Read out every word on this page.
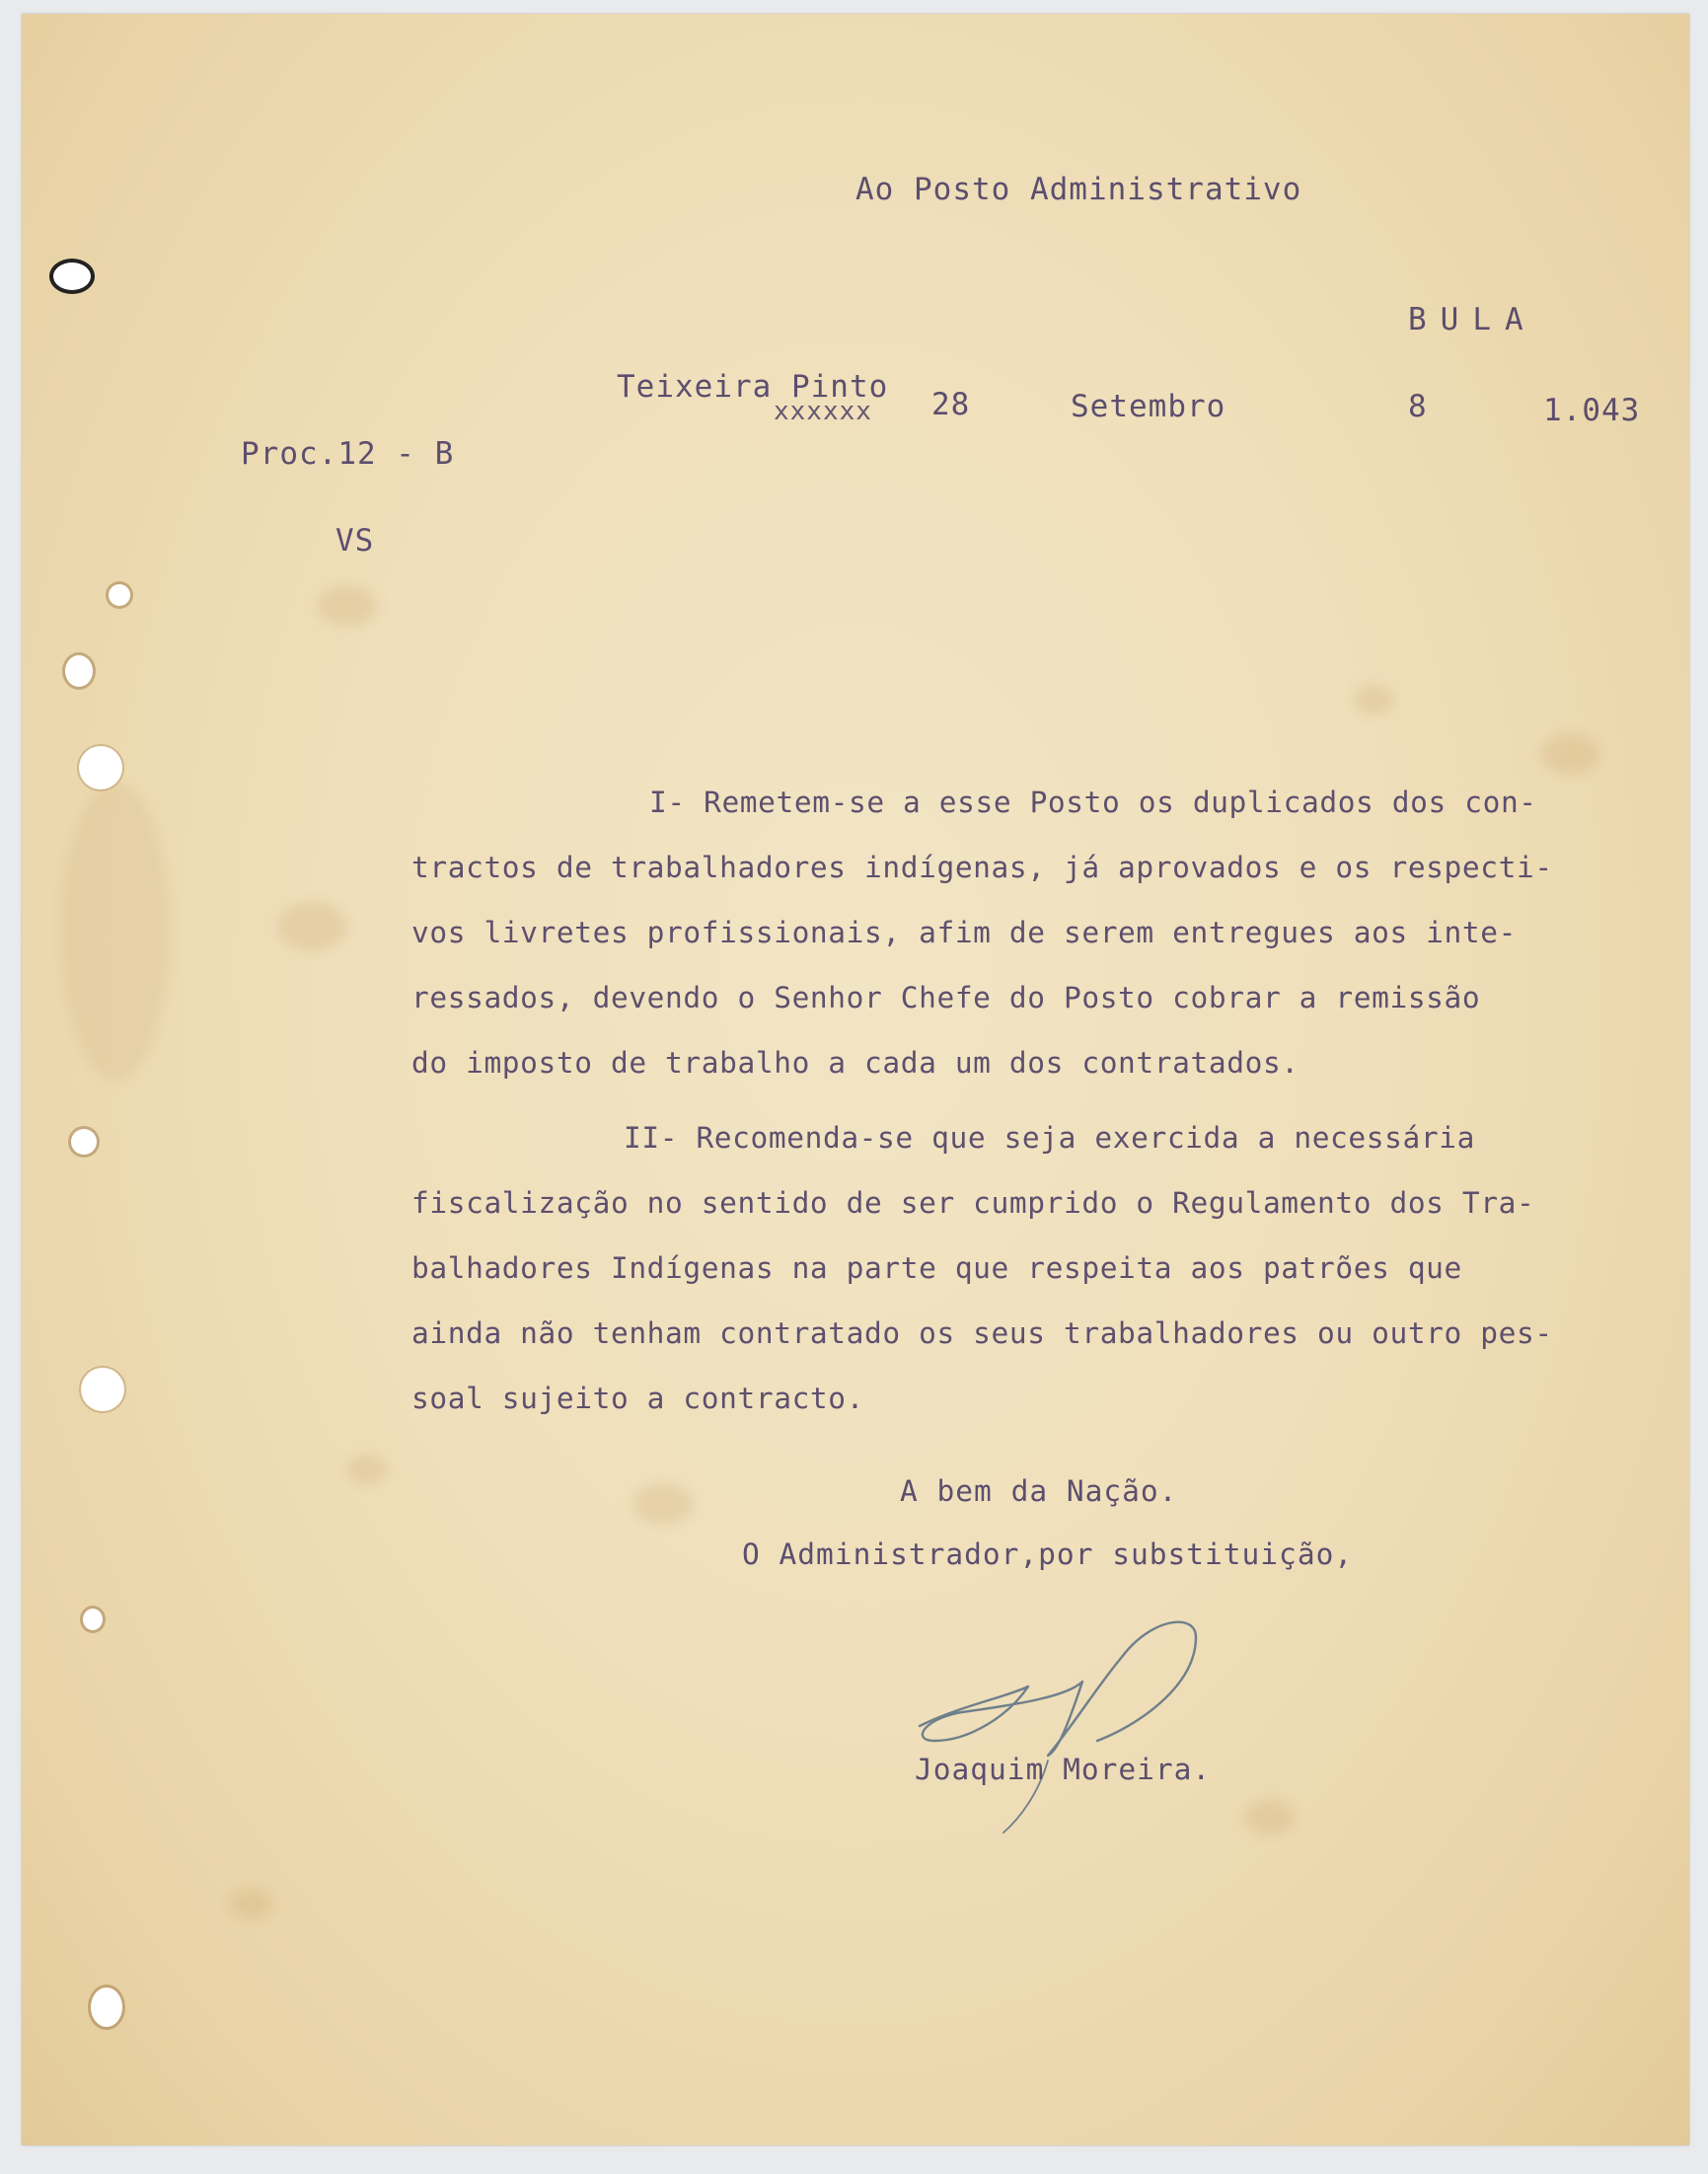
Ao Posto Administrativo
BULA
Teixeira Pinto
xxxxxx 28	Setembro	8	1.043
Proc.12 - B
VS
I- Remetem-se a esse Posto os duplicados dos con-
tractos de trabalhadores indígenas, já aprovados e os respecti-
vos livretes profissionais, afim de serem entregues aos inte-
ressados, devendo o Senhor Chefe do Posto cobrar a remissão
do imposto de trabalho a cada um dos contratados.
II- Recomenda-se que seja exercida a necessária
fiscalização no sentido de ser cumprido o Regulamento dos Tra-
balhadores Indígenas na parte que respeita aos patrões que
ainda não tenham contratado os seus trabalhadores ou outro pes-
soal sujeito a contracto.
A bem da Nação.
O Administrador,por substituição,
Joaquim Moreira.
